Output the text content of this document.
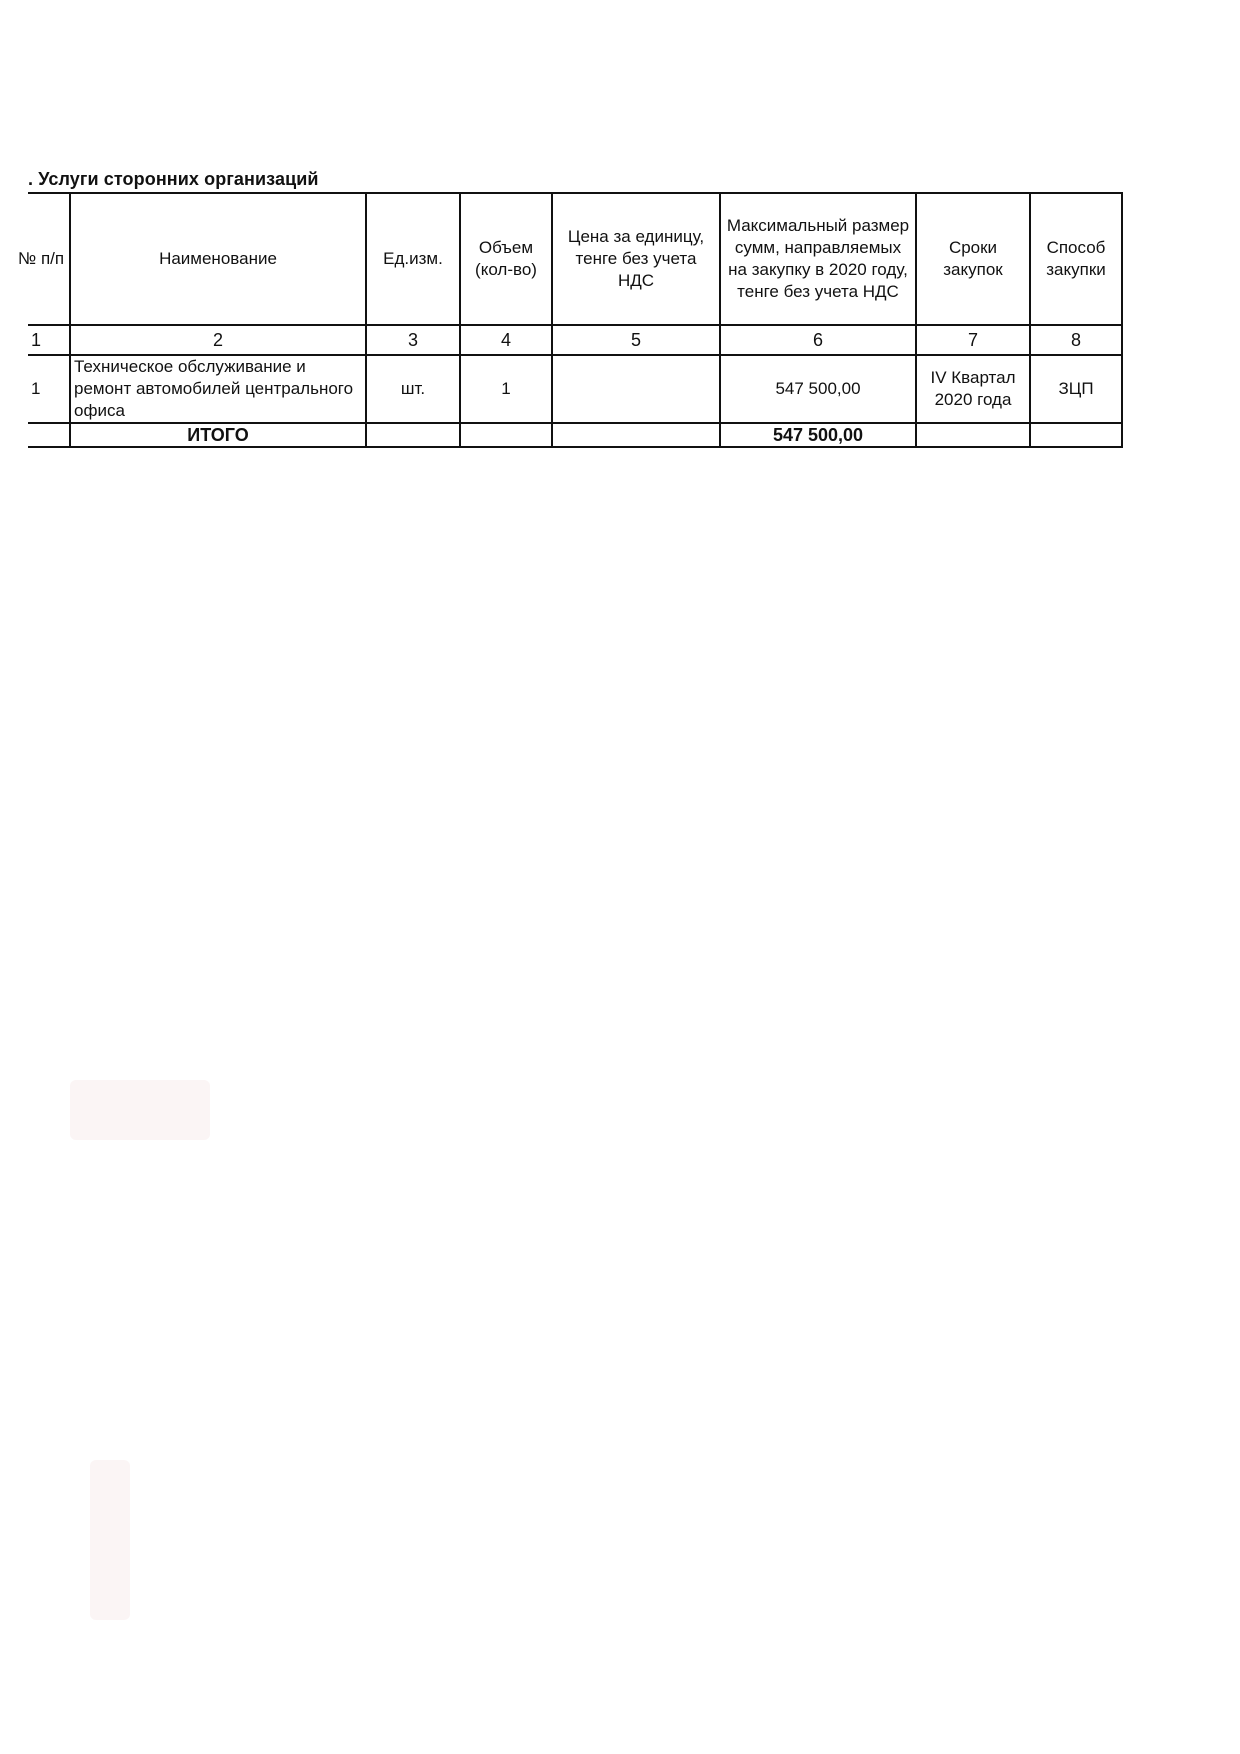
. Услуги сторонних организаций
№ п/п	Наименование	Ед.изм.	Объем (кол-во)	Цена за единицу, тенге без учета НДС	Максимальный размер сумм, направляемых на закупку в 2020 году, тенге без учета НДС	Сроки закупок	Способ закупки
1	2	3	4	5	6	7	8
1	Техническое обслуживание и ремонт автомобилей центрального офиса	шт.	1		547 500,00	IV Квартал 2020 года	ЗЦП
	ИТОГО				547 500,00		
